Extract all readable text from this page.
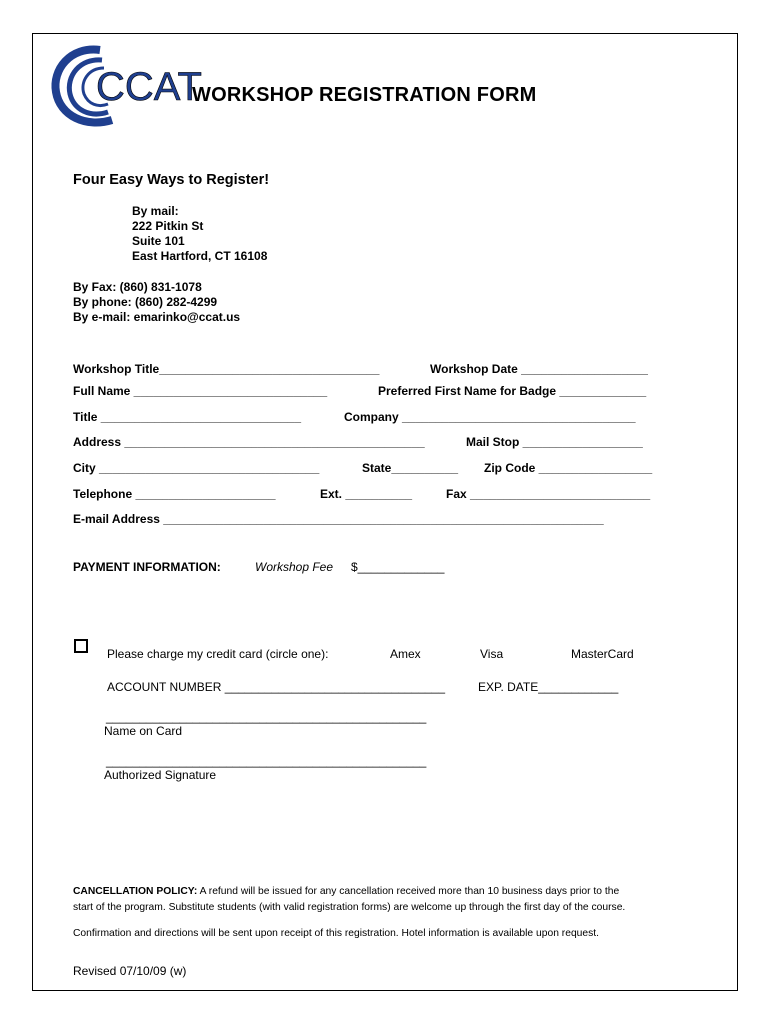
CCAT
WORKSHOP REGISTRATION FORM
Four Easy Ways to Register!
By mail:
222 Pitkin St
Suite 101
East Hartford, CT 16108
By Fax: (860) 831-1078
By phone: (860) 282-4299
By e-mail: emarinko@ccat.us
Workshop Title_________________________________	Workshop Date ___________________
Full Name _____________________________	Preferred First Name for Badge _____________
Title ______________________________	Company ___________________________________
Address _____________________________________________	Mail Stop __________________
City _________________________________	State__________ Zip Code _________________
Telephone _____________________	Ext. __________	Fax ___________________________
E-mail Address __________________________________________________________________
PAYMENT INFORMATION:	Workshop Fee $_____________
Please charge my credit card (circle one):	Amex	Visa	MasterCard
ACCOUNT NUMBER _________________________________	EXP. DATE____________
________________________________________________
Name on Card
________________________________________________
Authorized Signature
CANCELLATION POLICY: A refund will be issued for any cancellation received more than 10 business days prior to the
start of the program. Substitute students (with valid registration forms) are welcome up through the first day of the course.
Confirmation and directions will be sent upon receipt of this registration. Hotel information is available upon request.
Revised 07/10/09 (w)
